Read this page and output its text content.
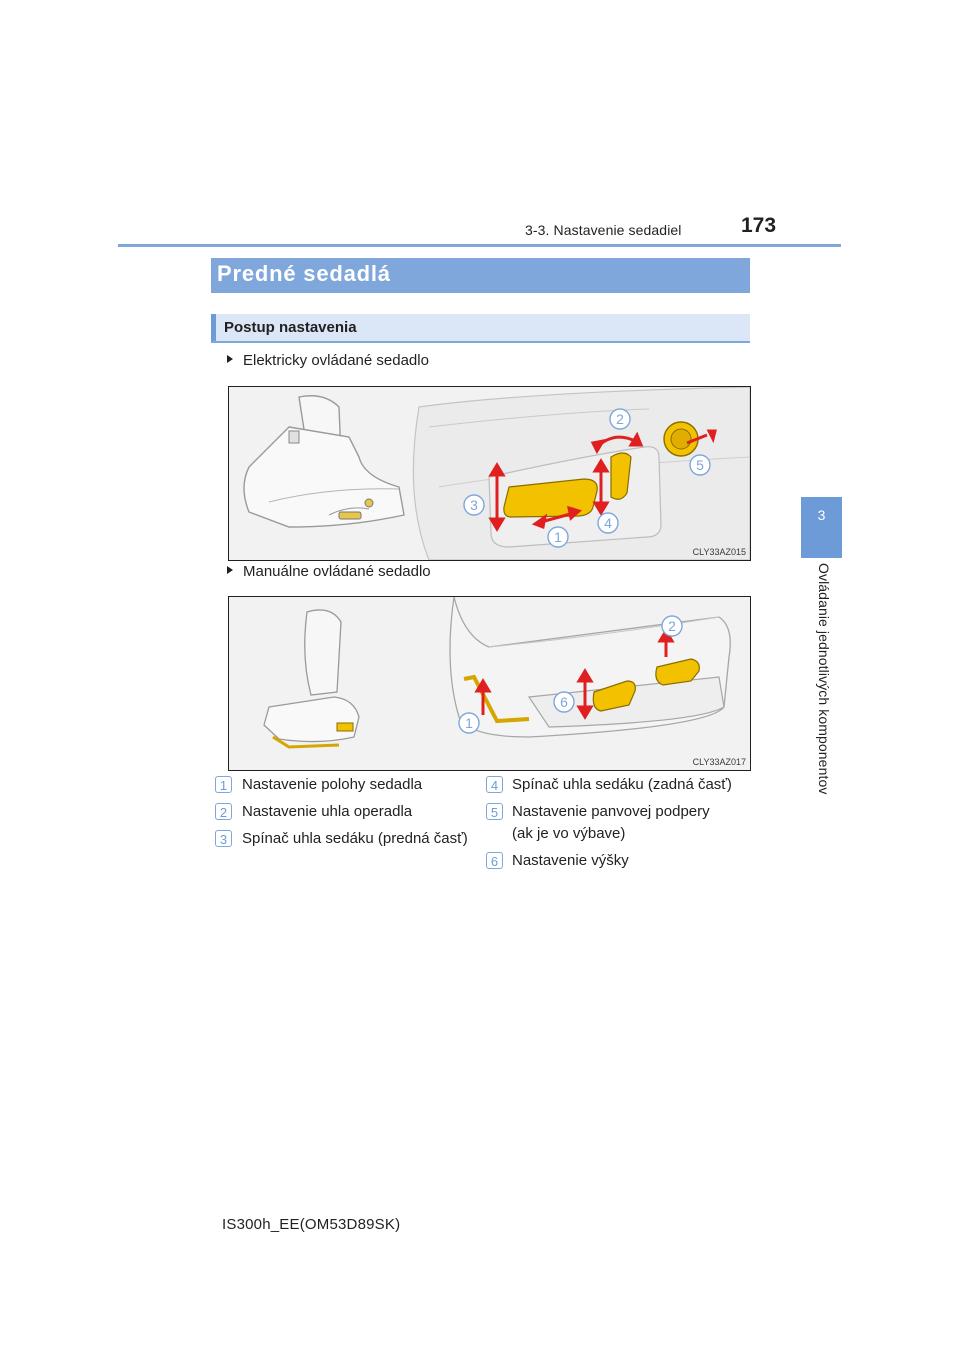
3-3. Nastavenie sedadiel	173
3
Ovládanie jednotlivých komponentov
Predné sedadlá
Postup nastavenia
Elektricky ovládané sedadlo
2
5
3
4
1
CLY33AZ015
Manuálne ovládané sedadlo
2
6
1
CLY33AZ017
1 Nastavenie polohy sedadla
2 Nastavenie uhla operadla
3 Spínač uhla sedáku (predná časť)
4 Spínač uhla sedáku (zadná časť)
5 Nastavenie panvovej podpery
(ak je vo výbave)
6 Nastavenie výšky
IS300h_EE(OM53D89SK)
